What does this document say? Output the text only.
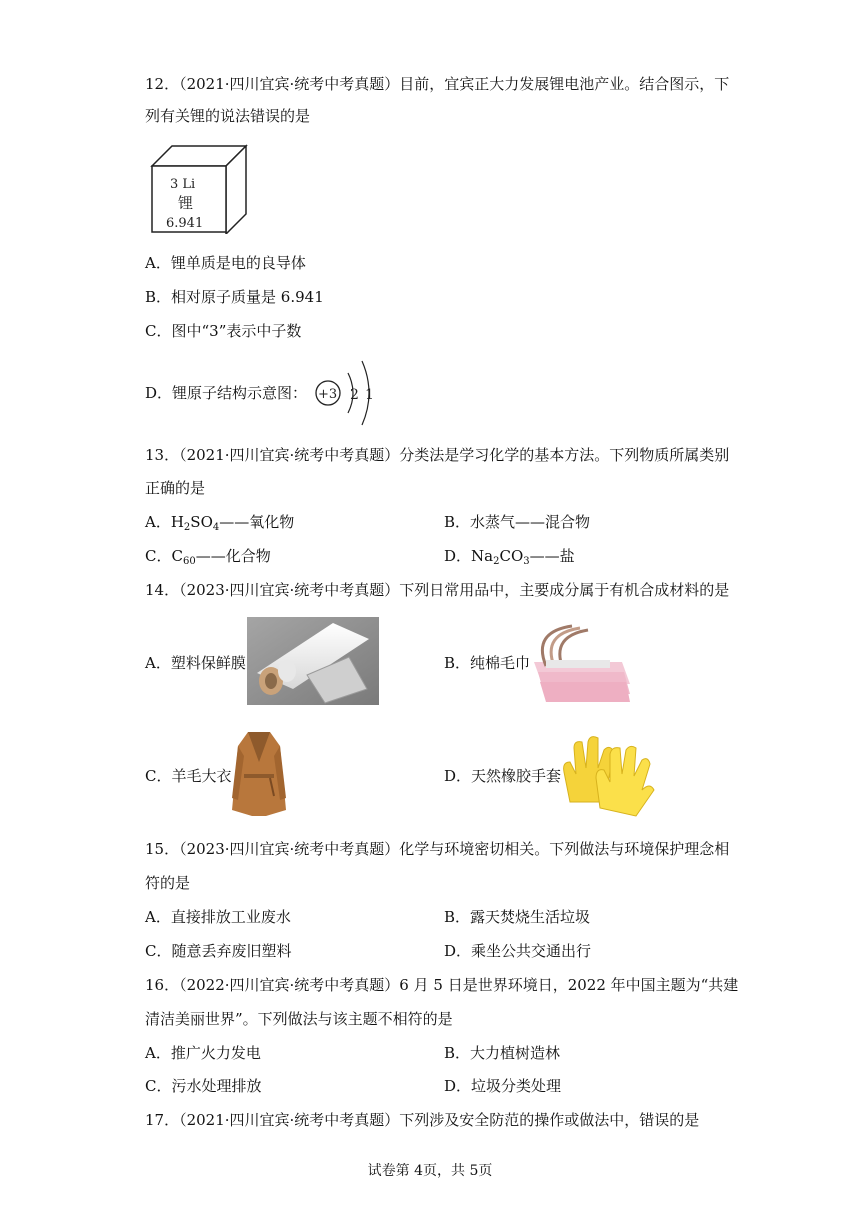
12．（2021·四川宜宾·统考中考真题）目前，宜宾正大力发展锂电池产业。结合图示，下
列有关锂的说法错误的是
3 Li
锂
6.941
A．锂单质是电的良导体
B．相对原子质量是 6.941
C．图中“3”表示中子数
D．锂原子结构示意图： +3 2 1
13．（2021·四川宜宾·统考中考真题）分类法是学习化学的基本方法。下列物质所属类别
正确的是
A．$H_2SO_4——$氧化物	B．水蒸气——混合物
C．$C_{60}——$化合物	D．$Na_2CO_3——$盐
14．（2023·四川宜宾·统考中考真题）下列日常用品中，主要成分属于有机合成材料的是
A．塑料保鲜膜	B．纯棉毛巾
C．羊毛大衣	D．天然橡胶手套
15．（2023·四川宜宾·统考中考真题）化学与环境密切相关。下列做法与环境保护理念相
符的是
A．直接排放工业废水	B．露天焚烧生活垃圾
C．随意丢弃废旧塑料	D．乘坐公共交通出行
16．（2022·四川宜宾·统考中考真题）6 月 5 日是世界环境日，2022 年中国主题为“共建
清洁美丽世界”。下列做法与该主题不相符的是
A．推广火力发电	B．大力植树造林
C．污水处理排放	D．垃圾分类处理
17．（2021·四川宜宾·统考中考真题）下列涉及安全防范的操作或做法中，错误的是
试卷第 4页，共 5页
